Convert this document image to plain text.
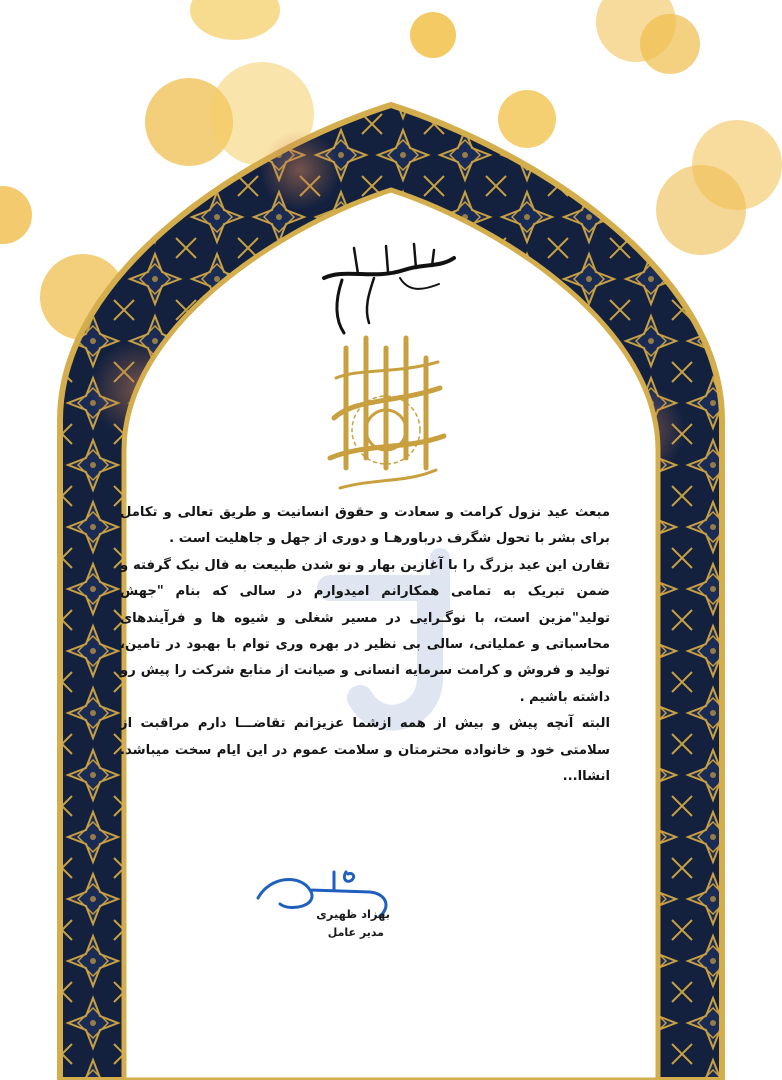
مبعث عید نزول کرامت و سعادت و حقوق انسانیت و طریق تعالی و تکامل برای بشر با تحول شگرف درباورهـا و دوری از جهل و جاهلیت است .

تقارن این عید بزرگ را با آغازین بهار و نو شدن طبیعت به فال نیک گرفته و ضمن تبریک به تمامی همکارانم امیدوارم در سالی که بنام "جهش تولید"مزین است، با نوگـرایی در مسیر شغلی و شیوه ها و فرآیندهای محاسباتی و عملیاتی، سالی بی نظیر در بهره وری توام با بهبود در تامین، تولید و فروش و کرامت سرمایه انسانی و صیانت از منابع شرکت را پیش رو داشته باشیم .

البته آنچه پیش و بیش از همه ازشما عزیزانم تقاضـــا دارم مراقبت از سلامتی خود و خانواده محترمتان و سلامت عموم در این ایام سخت میباشد. انشاا...

بهزاد ظهیری
مدیر عامل
